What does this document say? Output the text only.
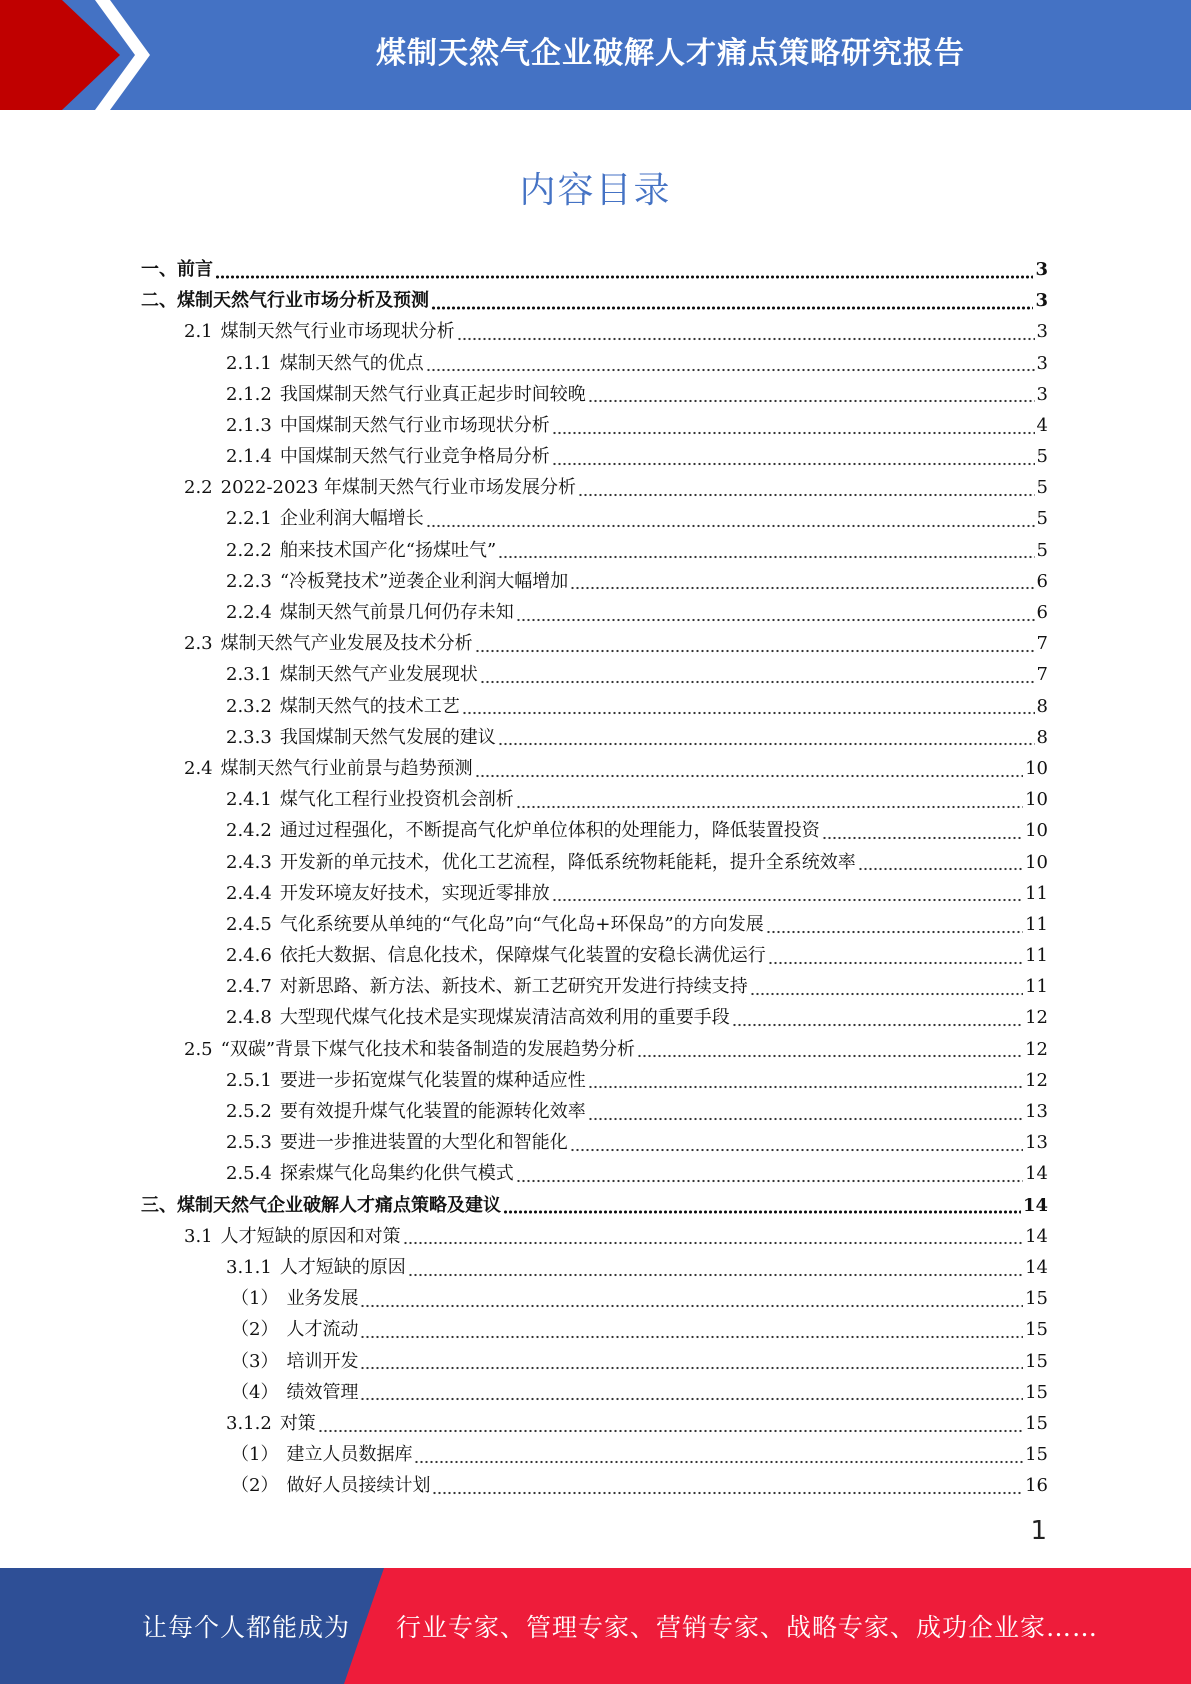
煤制天然气企业破解人才痛点策略研究报告
内容目录
一、 前言	3
二、 煤制天然气行业市场分析及预测	3
2.1 煤制天然气行业市场现状分析	3
2.1.1 煤制天然气的优点	3
2.1.2 我国煤制天然气行业真正起步时间较晚	3
2.1.3 中国煤制天然气行业市场现状分析	4
2.1.4 中国煤制天然气行业竞争格局分析	5
2.2 2022-2023 年煤制天然气行业市场发展分析	5
2.2.1 企业利润大幅增长	5
2.2.2 舶来技术国产化“扬煤吐气”	5
2.2.3 “冷板凳技术”逆袭企业利润大幅增加	6
2.2.4 煤制天然气前景几何仍存未知	6
2.3 煤制天然气产业发展及技术分析	7
2.3.1 煤制天然气产业发展现状	7
2.3.2 煤制天然气的技术工艺	8
2.3.3 我国煤制天然气发展的建议	8
2.4 煤制天然气行业前景与趋势预测	10
2.4.1 煤气化工程行业投资机会剖析	10
2.4.2 通过过程强化，不断提高气化炉单位体积的处理能力，降低装置投资	10
2.4.3 开发新的单元技术，优化工艺流程，降低系统物耗能耗，提升全系统效率	10
2.4.4 开发环境友好技术，实现近零排放	11
2.4.5 气化系统要从单纯的“气化岛”向“气化岛+环保岛”的方向发展	11
2.4.6 依托大数据、信息化技术，保障煤气化装置的安稳长满优运行	11
2.4.7 对新思路、新方法、新技术、新工艺研究开发进行持续支持	11
2.4.8 大型现代煤气化技术是实现煤炭清洁高效利用的重要手段	12
2.5 “双碳”背景下煤气化技术和装备制造的发展趋势分析	12
2.5.1 要进一步拓宽煤气化装置的煤种适应性	12
2.5.2 要有效提升煤气化装置的能源转化效率	13
2.5.3 要进一步推进装置的大型化和智能化	13
2.5.4 探索煤气化岛集约化供气模式	14
三、 煤制天然气企业破解人才痛点策略及建议	14
3.1 人才短缺的原因和对策	14
3.1.1 人才短缺的原因	14
（1） 业务发展	15
（2） 人才流动	15
（3） 培训开发	15
（4） 绩效管理	15
3.1.2 对策	15
（1） 建立人员数据库	15
（2） 做好人员接续计划	16
1
让每个人都能成为 行业专家、管理专家、营销专家、战略专家、成功企业家……
